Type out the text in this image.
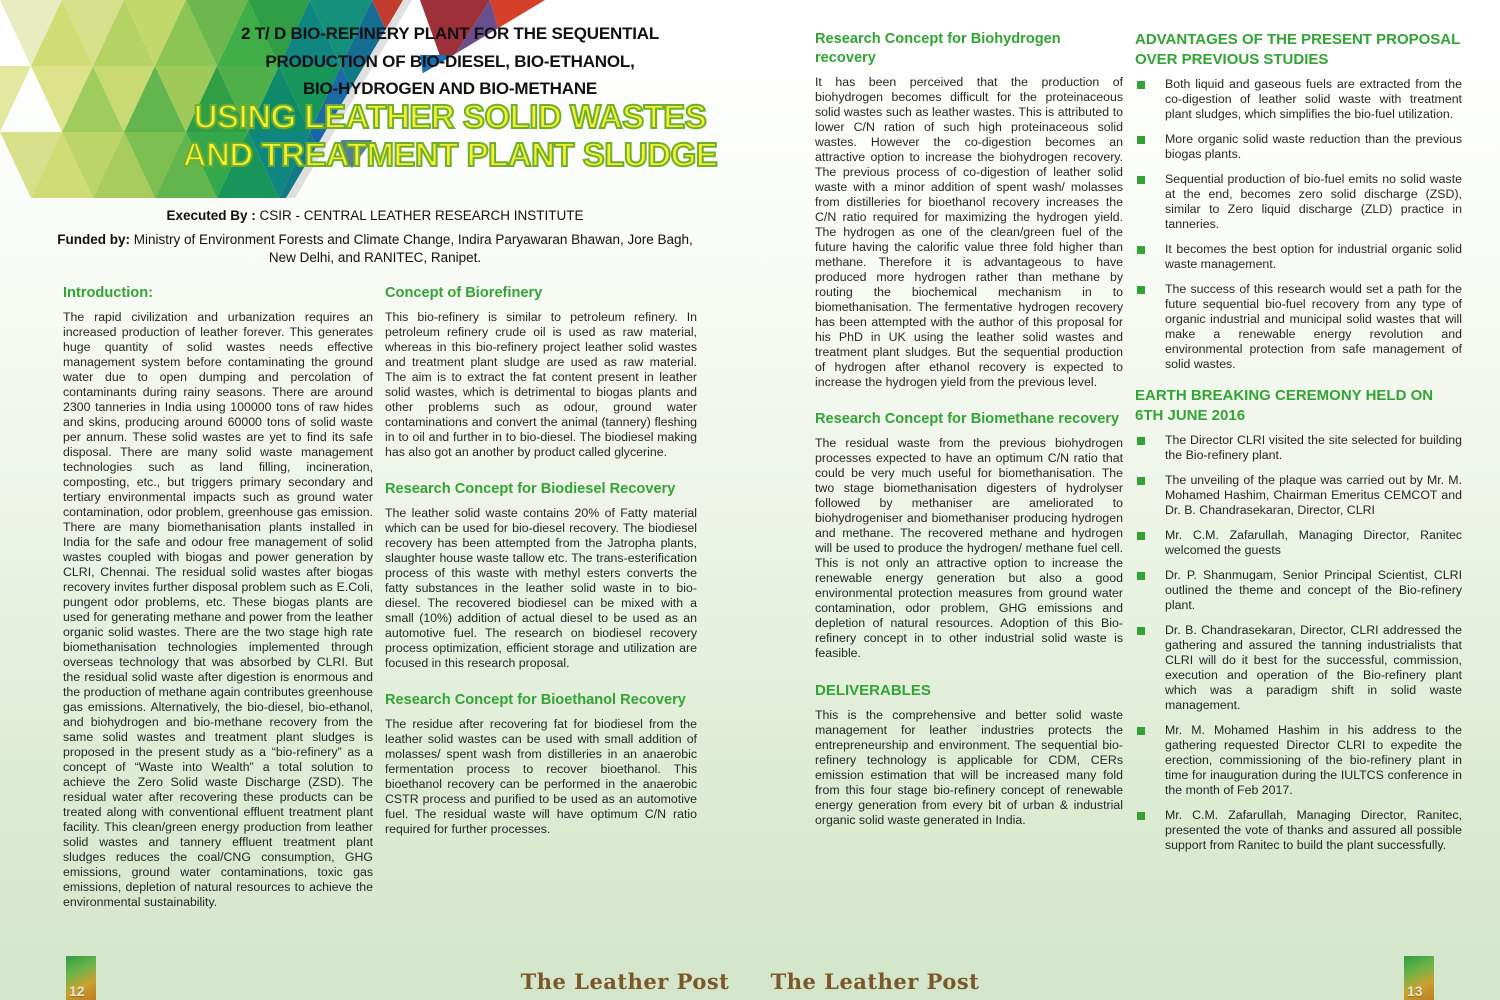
2 T/ D BIO-REFINERY PLANT FOR THE SEQUENTIAL
PRODUCTION OF BIO-DIESEL, BIO-ETHANOL,
BIO-HYDROGEN AND BIO-METHANE
USING LEATHER SOLID WASTES
AND TREATMENT PLANT SLUDGE
Executed By : CSIR - CENTRAL LEATHER RESEARCH INSTITUTE
Funded by: Ministry of Environment Forests and Climate Change, Indira Paryawaran Bhawan, Jore Bagh, New Delhi, and RANITEC, Ranipet.
Introduction:

The rapid civilization and urbanization requires an increased production of leather forever. This generates huge quantity of solid wastes needs effective management system before contaminating the ground water due to open dumping and percolation of contaminants during rainy seasons. There are around 2300 tanneries in India using 100000 tons of raw hides and skins, producing around 60000 tons of solid waste per annum. These solid wastes are yet to find its safe disposal. There are many solid waste management technologies such as land filling, incineration, composting, etc., but triggers primary secondary and tertiary environmental impacts such as ground water contamination, odor problem, greenhouse gas emission. There are many biomethanisation plants installed in India for the safe and odour free management of solid wastes coupled with biogas and power generation by CLRI, Chennai. The residual solid wastes after biogas recovery invites further disposal problem such as E.Coli, pungent odor problems, etc. These biogas plants are used for generating methane and power from the leather organic solid wastes. There are the two stage high rate biomethanisation technologies implemented through overseas technology that was absorbed by CLRI. But the residual solid waste after digestion is enormous and the production of methane again contributes greenhouse gas emissions. Alternatively, the bio-diesel, bio-ethanol, and biohydrogen and bio-methane recovery from the same solid wastes and treatment plant sludges is proposed in the present study as a “bio-refinery” as a concept of “Waste into Wealth” a total solution to achieve the Zero Solid waste Discharge (ZSD). The residual water after recovering these products can be treated along with conventional effluent treatment plant facility. This clean/green energy production from leather solid wastes and tannery effluent treatment plant sludges reduces the coal/CNG consumption, GHG emissions, ground water contaminations, toxic gas emissions, depletion of natural resources to achieve the environmental sustainability.

Concept of Biorefinery

This bio-refinery is similar to petroleum refinery. In petroleum refinery crude oil is used as raw material, whereas in this bio-refinery project leather solid wastes and treatment plant sludge are used as raw material. The aim is to extract the fat content present in leather solid wastes, which is detrimental to biogas plants and other problems such as odour, ground water contaminations and convert the animal (tannery) fleshing in to oil and further in to bio-diesel. The biodiesel making has also got an another by product called glycerine.

Research Concept for Biodiesel Recovery

The leather solid waste contains 20% of Fatty material which can be used for bio-diesel recovery. The biodiesel recovery has been attempted from the Jatropha plants, slaughter house waste tallow etc. The trans-esterification process of this waste with methyl esters converts the fatty substances in the leather solid waste in to bio-diesel. The recovered biodiesel can be mixed with a small (10%) addition of actual diesel to be used as an automotive fuel. The research on biodiesel recovery process optimization, efficient storage and utilization are focused in this research proposal.

Research Concept for Bioethanol Recovery

The residue after recovering fat for biodiesel from the leather solid wastes can be used with small addition of molasses/ spent wash from distilleries in an anaerobic fermentation process to recover bioethanol. This bioethanol recovery can be performed in the anaerobic CSTR process and purified to be used as an automotive fuel. The residual waste will have optimum C/N ratio required for further processes.

Research Concept for Biohydrogen recovery

It has been perceived that the production of biohydrogen becomes difficult for the proteinaceous solid wastes such as leather wastes. This is attributed to lower C/N ration of such high proteinaceous solid wastes. However the co-digestion becomes an attractive option to increase the biohydrogen recovery. The previous process of co-digestion of leather solid waste with a minor addition of spent wash/ molasses from distilleries for bioethanol recovery increases the C/N ratio required for maximizing the hydrogen yield. The hydrogen as one of the clean/green fuel of the future having the calorific value three fold higher than methane. Therefore it is advantageous to have produced more hydrogen rather than methane by routing the biochemical mechanism in to biomethanisation. The fermentative hydrogen recovery has been attempted with the author of this proposal for his PhD in UK using the leather solid wastes and treatment plant sludges. But the sequential production of hydrogen after ethanol recovery is expected to increase the hydrogen yield from the previous level.

Research Concept for Biomethane recovery

The residual waste from the previous biohydrogen processes expected to have an optimum C/N ratio that could be very much useful for biomethanisation. The two stage biomethanisation digesters of hydrolyser followed by methaniser are ameliorated to biohydrogeniser and biomethaniser producing hydrogen and methane. The recovered methane and hydrogen will be used to produce the hydrogen/ methane fuel cell. This is not only an attractive option to increase the renewable energy generation but also a good environmental protection measures from ground water contamination, odor problem, GHG emissions and depletion of natural resources. Adoption of this Bio-refinery concept in to other industrial solid waste is feasible.

DELIVERABLES

This is the comprehensive and better solid waste management for leather industries protects the entrepreneurship and environment. The sequential bio-refinery technology is applicable for CDM, CERs emission estimation that will be increased many fold from this four stage bio-refinery concept of renewable energy generation from every bit of urban & industrial organic solid waste generated in India.

ADVANTAGES OF THE PRESENT PROPOSAL OVER PREVIOUS STUDIES
Both liquid and gaseous fuels are extracted from the co-digestion of leather solid waste with treatment plant sludges, which simplifies the bio-fuel utilization.
More organic solid waste reduction than the previous biogas plants.
Sequential production of bio-fuel emits no solid waste at the end, becomes zero solid discharge (ZSD), similar to Zero liquid discharge (ZLD) practice in tanneries.
It becomes the best option for industrial organic solid waste management.
The success of this research would set a path for the future sequential bio-fuel recovery from any type of organic industrial and municipal solid wastes that will make a renewable energy revolution and environmental protection from safe management of solid wastes.
EARTH BREAKING CEREMONY HELD ON 6TH JUNE 2016
The Director CLRI visited the site selected for building the Bio-refinery plant.
The unveiling of the plaque was carried out by Mr. M. Mohamed Hashim, Chairman Emeritus CEMCOT and Dr. B. Chandrasekaran, Director, CLRI
Mr. C.M. Zafarullah, Managing Director, Ranitec welcomed the guests
Dr. P. Shanmugam, Senior Principal Scientist, CLRI outlined the theme and concept of the Bio-refinery plant.
Dr. B. Chandrasekaran, Director, CLRI addressed the gathering and assured the tanning industrialists that CLRI will do it best for the successful, commission, execution and operation of the Bio-refinery plant which was a paradigm shift in solid waste management.
Mr. M. Mohamed Hashim in his address to the gathering requested Director CLRI to expedite the erection, commissioning of the bio-refinery plant in time for inauguration during the IULTCS conference in the month of Feb 2017.
Mr. C.M. Zafarullah, Managing Director, Ranitec, presented the vote of thanks and assured all possible support from Ranitec to build the plant successfully.
The Leather Post	The Leather Post
12	13
